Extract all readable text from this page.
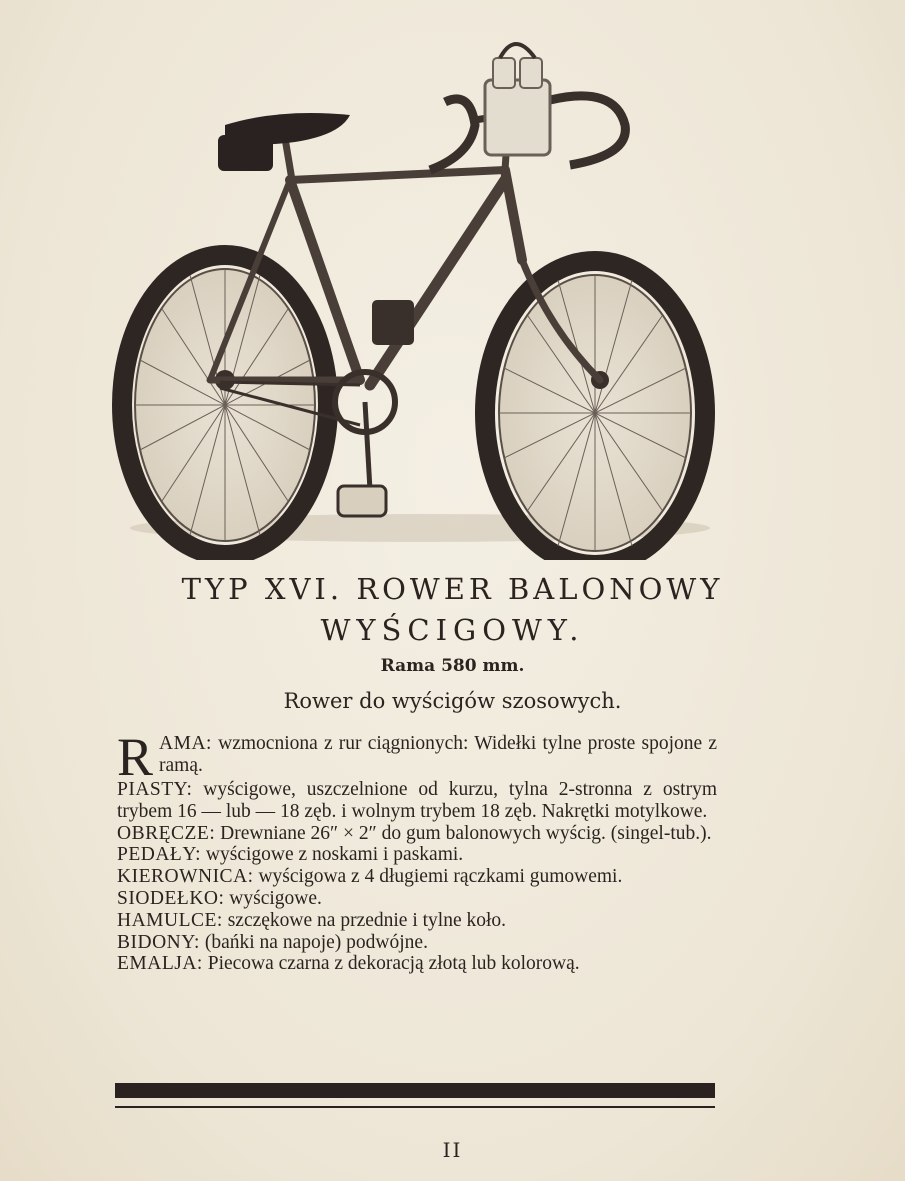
TYP XVI. ROWER BALONOWY
WYŚCIGOWY.
Rama 580 mm.
Rower do wyścigów szosowych.
R AMA: wzmocniona z rur ciągnionych: Widełki tylne proste spojone z ramą.
PIASTY: wyścigowe, uszczelnione od kurzu, tylna 2-stronna z ostrym trybem 16 — lub — 18 zęb. i wolnym trybem 18 zęb. Nakrętki motylkowe.
OBRĘCZE: Drewniane 26″ × 2″ do gum balonowych wyścig. (singel-tub.).
PEDAŁY: wyścigowe z noskami i paskami.
KIEROWNICA: wyścigowa z 4 długiemi rączkami gumowemi.
SIODEŁKO: wyścigowe.
HAMULCE: szczękowe na przednie i tylne koło.
BIDONY: (bańki na napoje) podwójne.
EMALJA: Piecowa czarna z dekoracją złotą lub kolorową.
II
